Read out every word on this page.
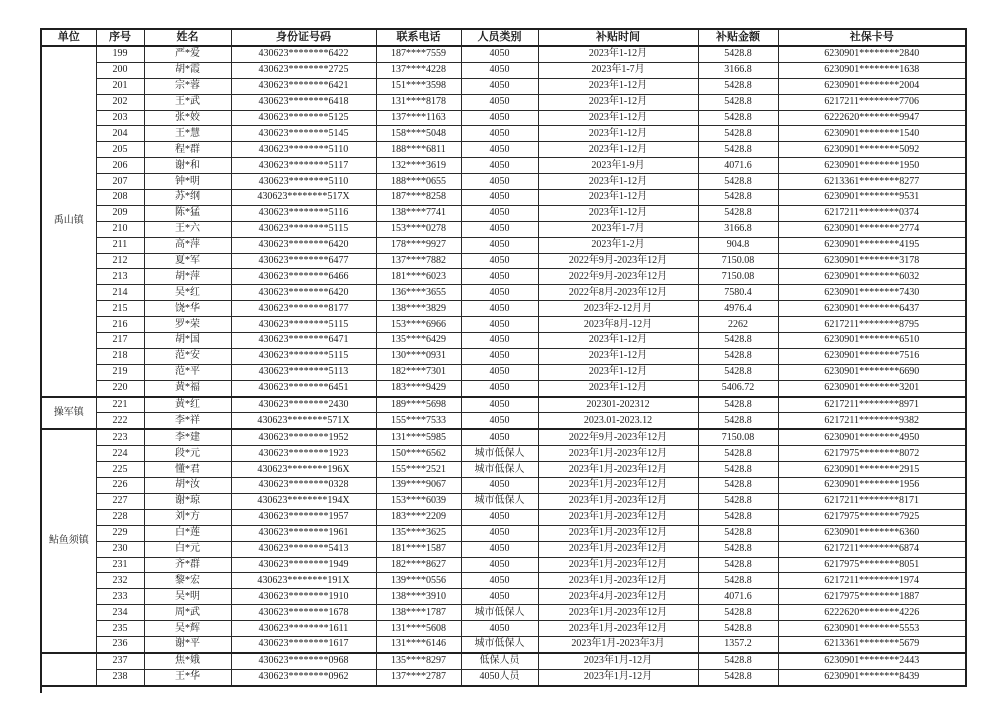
单位	序号	姓名	身份证号码	联系电话	人员类别	补贴时间	补贴金额	社保卡号
禹山镇	199	严*爱	430623********6422	187****7559	4050	2023年1-12月	5428.8	6230901********2840
	200	胡*霞	430623********2725	137****4228	4050	2023年1-7月	3166.8	6230901********1638
	201	宗*蓉	430623********6421	151****3598	4050	2023年1-12月	5428.8	6230901********2004
	202	王*武	430623********6418	131****8178	4050	2023年1-12月	5428.8	6217211********7706
	203	张*姣	430623********5125	137****1163	4050	2023年1-12月	5428.8	6222620********9947
	204	王*慧	430623********5145	158****5048	4050	2023年1-12月	5428.8	6230901********1540
	205	程*群	430623********5110	188****6811	4050	2023年1-12月	5428.8	6230901********5092
	206	谢*和	430623********5117	132****3619	4050	2023年1-9月	4071.6	6230901********1950
	207	钟*明	430623********5110	188****0655	4050	2023年1-12月	5428.8	6213361********8277
	208	苏*纲	430623********517X	187****8258	4050	2023年1-12月	5428.8	6230901********9531
	209	陈*猛	430623********5116	138****7741	4050	2023年1-12月	5428.8	6217211********0374
	210	王*六	430623********5115	153****0278	4050	2023年1-7月	3166.8	6230901********2774
	211	高*萍	430623********6420	178****9927	4050	2023年1-2月	904.8	6230901********4195
	212	夏*军	430623********6477	137****7882	4050	2022年9月-2023年12月	7150.08	6230901********3178
	213	胡*萍	430623********6466	181****6023	4050	2022年9月-2023年12月	7150.08	6230901********6032
	214	吴*红	430623********6420	136****3655	4050	2022年8月-2023年12月	7580.4	6230901********7430
	215	饶*华	430623********8177	138****3829	4050	2023年2-12月月	4976.4	6230901********6437
	216	罗*荣	430623********5115	153****6966	4050	2023年8月-12月	2262	6217211********8795
	217	胡*国	430623********6471	135****6429	4050	2023年1-12月	5428.8	6230901********6510
	218	范*安	430623********5115	130****0931	4050	2023年1-12月	5428.8	6230901********7516
	219	范*平	430623********5113	182****7301	4050	2023年1-12月	5428.8	6230901********6690
	220	黄*福	430623********6451	183****9429	4050	2023年1-12月	5406.72	6230901********3201
操军镇	221	黄*红	430623********2430	189****5698	4050	202301-202312	5428.8	6217211********8971
	222	李*祥	430623********571X	155****7533	4050	2023.01-2023.12	5428.8	6217211********9382
鲇鱼须镇	223	李*建	430623********1952	131****5985	4050	2022年9月-2023年12月	7150.08	6230901********4950
	224	段*元	430623********1923	150****6562	城市低保人	2023年1月-2023年12月	5428.8	6217975********8072
	225	懂*君	430623********196X	155****2521	城市低保人	2023年1月-2023年12月	5428.8	6230901********2915
	226	胡*汝	430623********0328	139****9067	4050	2023年1月-2023年12月	5428.8	6230901********1956
	227	谢*琼	430623********194X	153****6039	城市低保人	2023年1月-2023年12月	5428.8	6217211********8171
	228	刘*方	430623********1957	183****2209	4050	2023年1月-2023年12月	5428.8	6217975********7925
	229	白*莲	430623********1961	135****3625	4050	2023年1月-2023年12月	5428.8	6230901********6360
	230	白*元	430623********5413	181****1587	4050	2023年1月-2023年12月	5428.8	6217211********6874
	231	齐*群	430623********1949	182****8627	4050	2023年1月-2023年12月	5428.8	6217975********8051
	232	黎*宏	430623********191X	139****0556	4050	2023年1月-2023年12月	5428.8	6217211********1974
	233	吴*明	430623********1910	138****3910	4050	2023年4月-2023年12月	4071.6	6217975********1887
	234	周*武	430623********1678	138****1787	城市低保人	2023年1月-2023年12月	5428.8	6222620********4226
	235	吴*辉	430623********1611	131****5608	4050	2023年1月-2023年12月	5428.8	6230901********5553
	236	谢*平	430623********1617	131****6146	城市低保人	2023年1月-2023年3月	1357.2	6213361********5679
	237	焦*娥	430623********0968	135****8297	低保人员	2023年1月-12月	5428.8	6230901********2443
	238	王*华	430623********0962	137****2787	4050人员	2023年1月-12月	5428.8	6230901********8439
